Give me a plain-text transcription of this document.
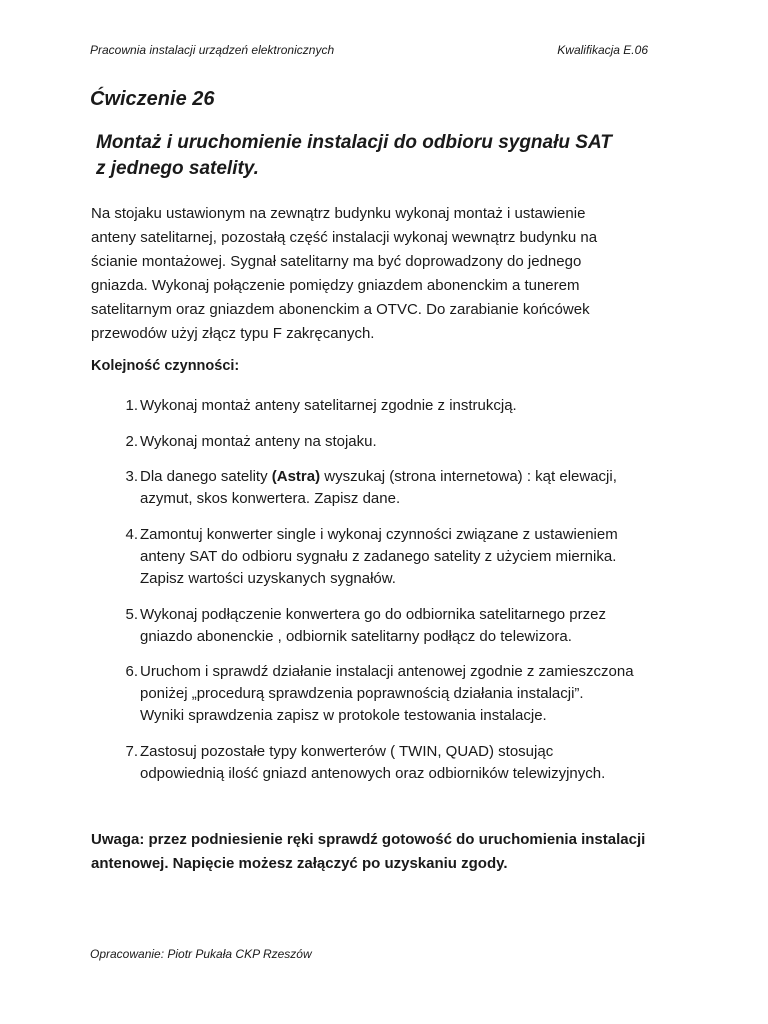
Pracownia instalacji urządzeń elektronicznych	Kwalifikacja E.06
Ćwiczenie 26
Montaż i uruchomienie instalacji do odbioru sygnału SAT
z jednego satelity.
Na stojaku ustawionym na zewnątrz budynku wykonaj montaż i ustawienie
anteny satelitarnej, pozostałą część instalacji wykonaj wewnątrz budynku na
ścianie montażowej. Sygnał satelitarny ma być doprowadzony do jednego
gniazda. Wykonaj połączenie pomiędzy gniazdem abonenckim a tunerem
satelitarnym oraz gniazdem abonenckim a OTVC. Do zarabianie końcówek
przewodów użyj złącz typu F zakręcanych.
Kolejność czynności:
1. Wykonaj montaż anteny satelitarnej zgodnie z instrukcją.
2. Wykonaj montaż anteny na stojaku.
3. Dla danego satelity (Astra) wyszukaj (strona internetowa) : kąt elewacji,
azymut, skos konwertera. Zapisz dane.
4. Zamontuj konwerter single i wykonaj czynności związane z ustawieniem
anteny SAT do odbioru sygnału z zadanego satelity z użyciem miernika.
Zapisz wartości uzyskanych sygnałów.
5. Wykonaj podłączenie konwertera go do odbiornika satelitarnego przez
gniazdo abonenckie , odbiornik satelitarny podłącz do telewizora.
6. Uruchom i sprawdź działanie instalacji antenowej zgodnie z zamieszczona
poniżej „procedurą sprawdzenia poprawnością działania instalacji”.
Wyniki sprawdzenia zapisz w protokole testowania instalacje.
7. Zastosuj pozostałe typy konwerterów ( TWIN, QUAD) stosując
odpowiednią ilość gniazd antenowych oraz odbiorników telewizyjnych.
Uwaga: przez podniesienie ręki sprawdź gotowość do uruchomienia instalacji
antenowej. Napięcie możesz załączyć po uzyskaniu zgody.
Opracowanie: Piotr Pukała CKP Rzeszów
